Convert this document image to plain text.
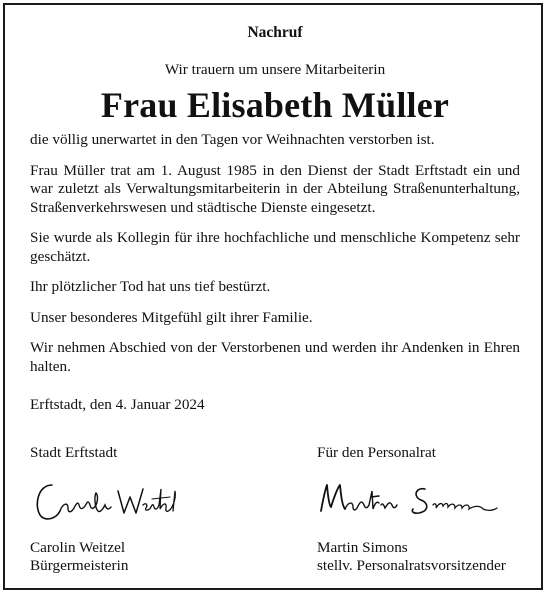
Nachruf

Wir trauern um unsere Mitarbeiterin

Frau Elisabeth Müller

die völlig unerwartet in den Tagen vor Weihnachten verstorben ist.

Frau Müller trat am 1. August 1985 in den Dienst der Stadt Erftstadt ein und war zuletzt als Verwaltungsmitarbeiterin in der Abteilung Straßenunterhaltung, Straßenverkehrswesen und städtische Dienste eingesetzt.

Sie wurde als Kollegin für ihre hochfachliche und menschliche Kompetenz sehr geschätzt.

Ihr plötzlicher Tod hat uns tief bestürzt.

Unser besonderes Mitgefühl gilt ihrer Familie.

Wir nehmen Abschied von der Verstorbenen und werden ihr Andenken in Ehren halten.

Erftstadt, den 4. Januar 2024

Stadt Erftstadt
Carolin Weitzel
Bürgermeisterin
Für den Personalrat
Martin Simons
stellv. Personalratsvorsitzender
